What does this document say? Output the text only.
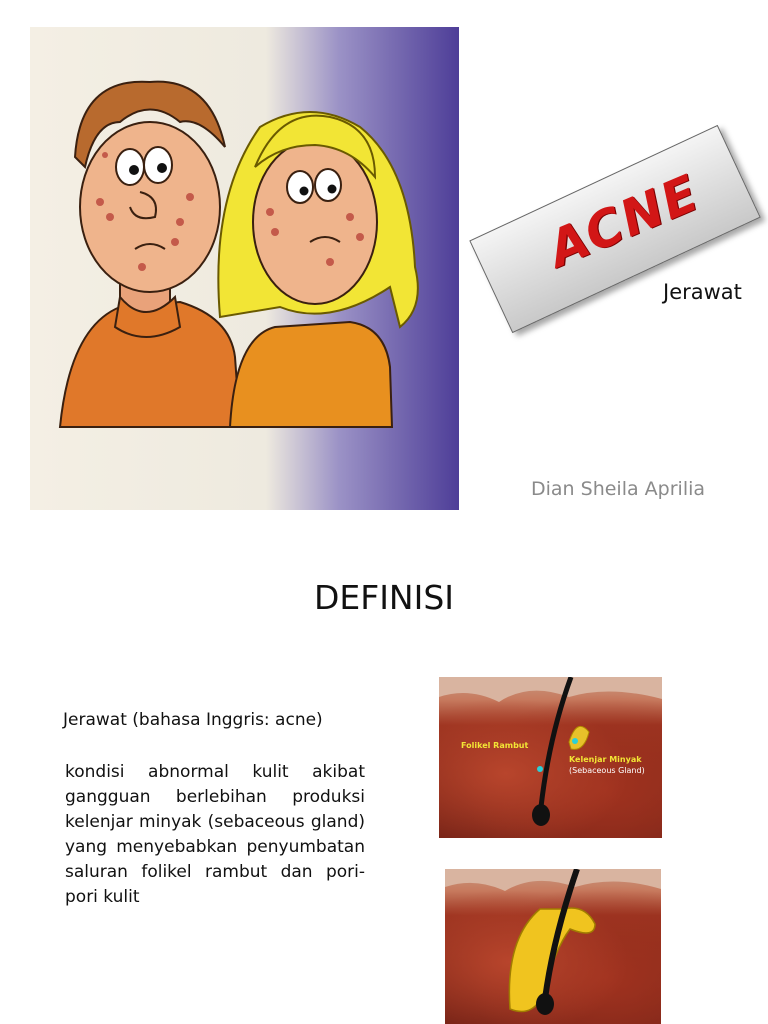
ACNE
Jerawat
Dian Sheila Aprilia
DEFINISI
Jerawat (bahasa Inggris: acne)
kondisi abnormal kulit akibat gangguan berlebihan produksi kelenjar minyak (sebaceous gland) yang menyebabkan penyumbatan saluran folikel rambut dan pori-pori kulit
Folikel Rambut
Kelenjar Minyak
(Sebaceous Gland)
